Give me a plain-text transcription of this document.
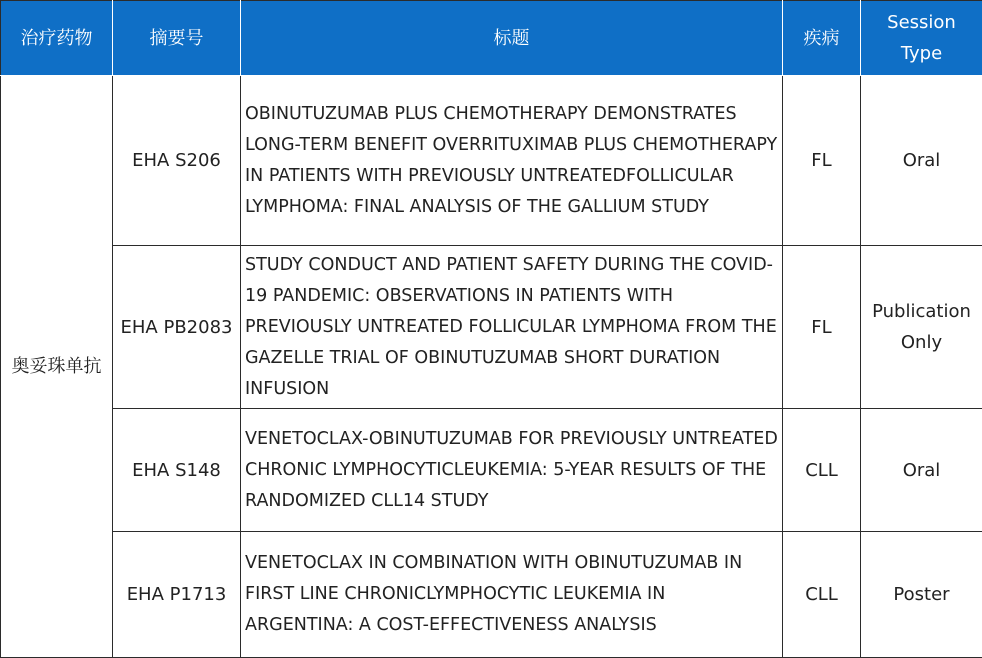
治疗药物	摘要号	标题	疾病	Session Type
奥妥珠单抗	EHA S206	OBINUTUZUMAB PLUS CHEMOTHERAPY DEMONSTRATES LONG-TERM BENEFIT OVERRITUXIMAB PLUS CHEMOTHERAPY IN PATIENTS WITH PREVIOUSLY UNTREATEDFOLLICULAR LYMPHOMA: FINAL ANALYSIS OF THE GALLIUM STUDY	FL	Oral
	EHA PB2083	STUDY CONDUCT AND PATIENT SAFETY DURING THE COVID-19 PANDEMIC: OBSERVATIONS IN PATIENTS WITH PREVIOUSLY UNTREATED FOLLICULAR LYMPHOMA FROM THE GAZELLE TRIAL OF OBINUTUZUMAB SHORT DURATION INFUSION	FL	Publication Only
	EHA S148	VENETOCLAX-OBINUTUZUMAB FOR PREVIOUSLY UNTREATED CHRONIC LYMPHOCYTICLEUKEMIA: 5-YEAR RESULTS OF THE RANDOMIZED CLL14 STUDY	CLL	Oral
	EHA P1713	VENETOCLAX IN COMBINATION WITH OBINUTUZUMAB IN FIRST LINE CHRONICLYMPHOCYTIC LEUKEMIA IN ARGENTINA: A COST-EFFECTIVENESS ANALYSIS	CLL	Poster
